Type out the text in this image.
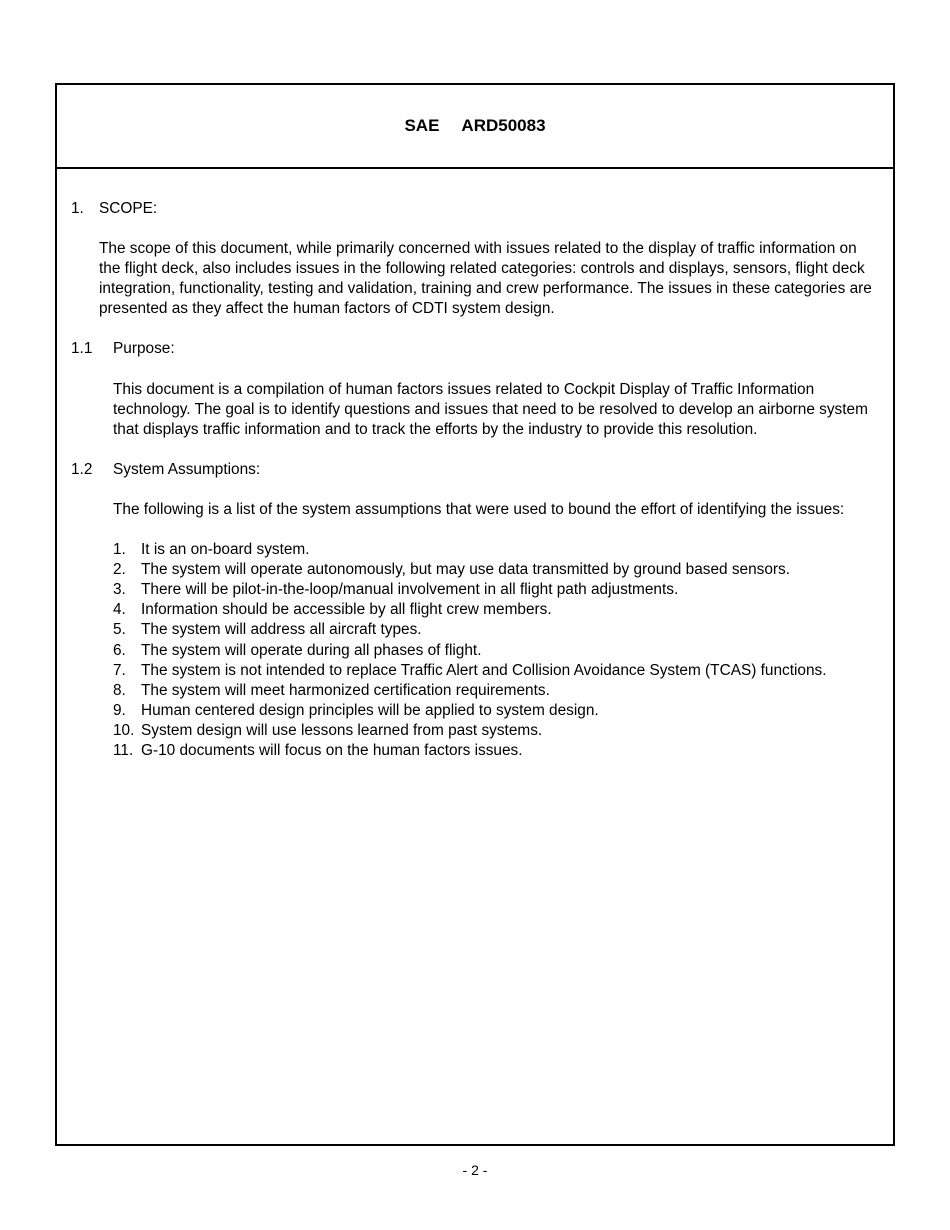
SAE ARD50083
1. SCOPE:

The scope of this document, while primarily concerned with issues related to the display of traffic information on the flight deck, also includes issues in the following related categories: controls and displays, sensors, flight deck integration, functionality, testing and validation, training and crew performance. The issues in these categories are presented as they affect the human factors of CDTI system design.

1.1	Purpose:

This document is a compilation of human factors issues related to Cockpit Display of Traffic Information technology. The goal is to identify questions and issues that need to be resolved to develop an airborne system that displays traffic information and to track the efforts by the industry to provide this resolution.

1.2	System Assumptions:

The following is a list of the system assumptions that were used to bound the effort of identifying the issues:

1. It is an on-board system.
2. The system will operate autonomously, but may use data transmitted by ground based sensors.
3. There will be pilot-in-the-loop/manual involvement in all flight path adjustments.
4. Information should be accessible by all flight crew members.
5. The system will address all aircraft types.
6. The system will operate during all phases of flight.
7. The system is not intended to replace Traffic Alert and Collision Avoidance System (TCAS) functions.
8. The system will meet harmonized certification requirements.
9. Human centered design principles will be applied to system design.
10. System design will use lessons learned from past systems.
11. G-10 documents will focus on the human factors issues.
- 2 -
